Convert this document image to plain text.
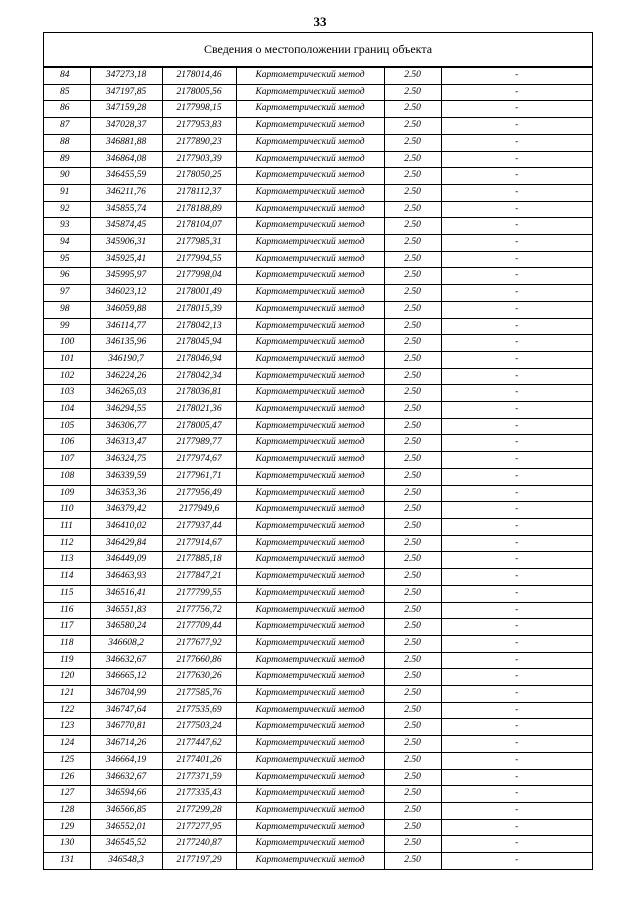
33
Сведения о местоположении границ объекта
84	347273,18	2178014,46	Картометрический метод	2.50	-
85	347197,85	2178005,56	Картометрический метод	2.50	-
86	347159,28	2177998,15	Картометрический метод	2.50	-
87	347028,37	2177953,83	Картометрический метод	2.50	-
88	346881,88	2177890,23	Картометрический метод	2.50	-
89	346864,08	2177903,39	Картометрический метод	2.50	-
90	346455,59	2178050,25	Картометрический метод	2.50	-
91	346211,76	2178112,37	Картометрический метод	2.50	-
92	345855,74	2178188,89	Картометрический метод	2.50	-
93	345874,45	2178104,07	Картометрический метод	2.50	-
94	345906,31	2177985,31	Картометрический метод	2.50	-
95	345925,41	2177994,55	Картометрический метод	2.50	-
96	345995,97	2177998,04	Картометрический метод	2.50	-
97	346023,12	2178001,49	Картометрический метод	2.50	-
98	346059,88	2178015,39	Картометрический метод	2.50	-
99	346114,77	2178042,13	Картометрический метод	2.50	-
100	346135,96	2178045,94	Картометрический метод	2.50	-
101	346190,7	2178046,94	Картометрический метод	2.50	-
102	346224,26	2178042,34	Картометрический метод	2.50	-
103	346265,03	2178036,81	Картометрический метод	2.50	-
104	346294,55	2178021,36	Картометрический метод	2.50	-
105	346306,77	2178005,47	Картометрический метод	2.50	-
106	346313,47	2177989,77	Картометрический метод	2.50	-
107	346324,75	2177974,67	Картометрический метод	2.50	-
108	346339,59	2177961,71	Картометрический метод	2.50	-
109	346353,36	2177956,49	Картометрический метод	2.50	-
110	346379,42	2177949,6	Картометрический метод	2.50	-
111	346410,02	2177937,44	Картометрический метод	2.50	-
112	346429,84	2177914,67	Картометрический метод	2.50	-
113	346449,09	2177885,18	Картометрический метод	2.50	-
114	346463,93	2177847,21	Картометрический метод	2.50	-
115	346516,41	2177799,55	Картометрический метод	2.50	-
116	346551,83	2177756,72	Картометрический метод	2.50	-
117	346580,24	2177709,44	Картометрический метод	2.50	-
118	346608,2	2177677,92	Картометрический метод	2.50	-
119	346632,67	2177660,86	Картометрический метод	2.50	-
120	346665,12	2177630,26	Картометрический метод	2.50	-
121	346704,99	2177585,76	Картометрический метод	2.50	-
122	346747,64	2177535,69	Картометрический метод	2.50	-
123	346770,81	2177503,24	Картометрический метод	2.50	-
124	346714,26	2177447,62	Картометрический метод	2.50	-
125	346664,19	2177401,26	Картометрический метод	2.50	-
126	346632,67	2177371,59	Картометрический метод	2.50	-
127	346594,66	2177335,43	Картометрический метод	2.50	-
128	346566,85	2177299,28	Картометрический метод	2.50	-
129	346552,01	2177277,95	Картометрический метод	2.50	-
130	346545,52	2177240,87	Картометрический метод	2.50	-
131	346548,3	2177197,29	Картометрический метод	2.50	-
